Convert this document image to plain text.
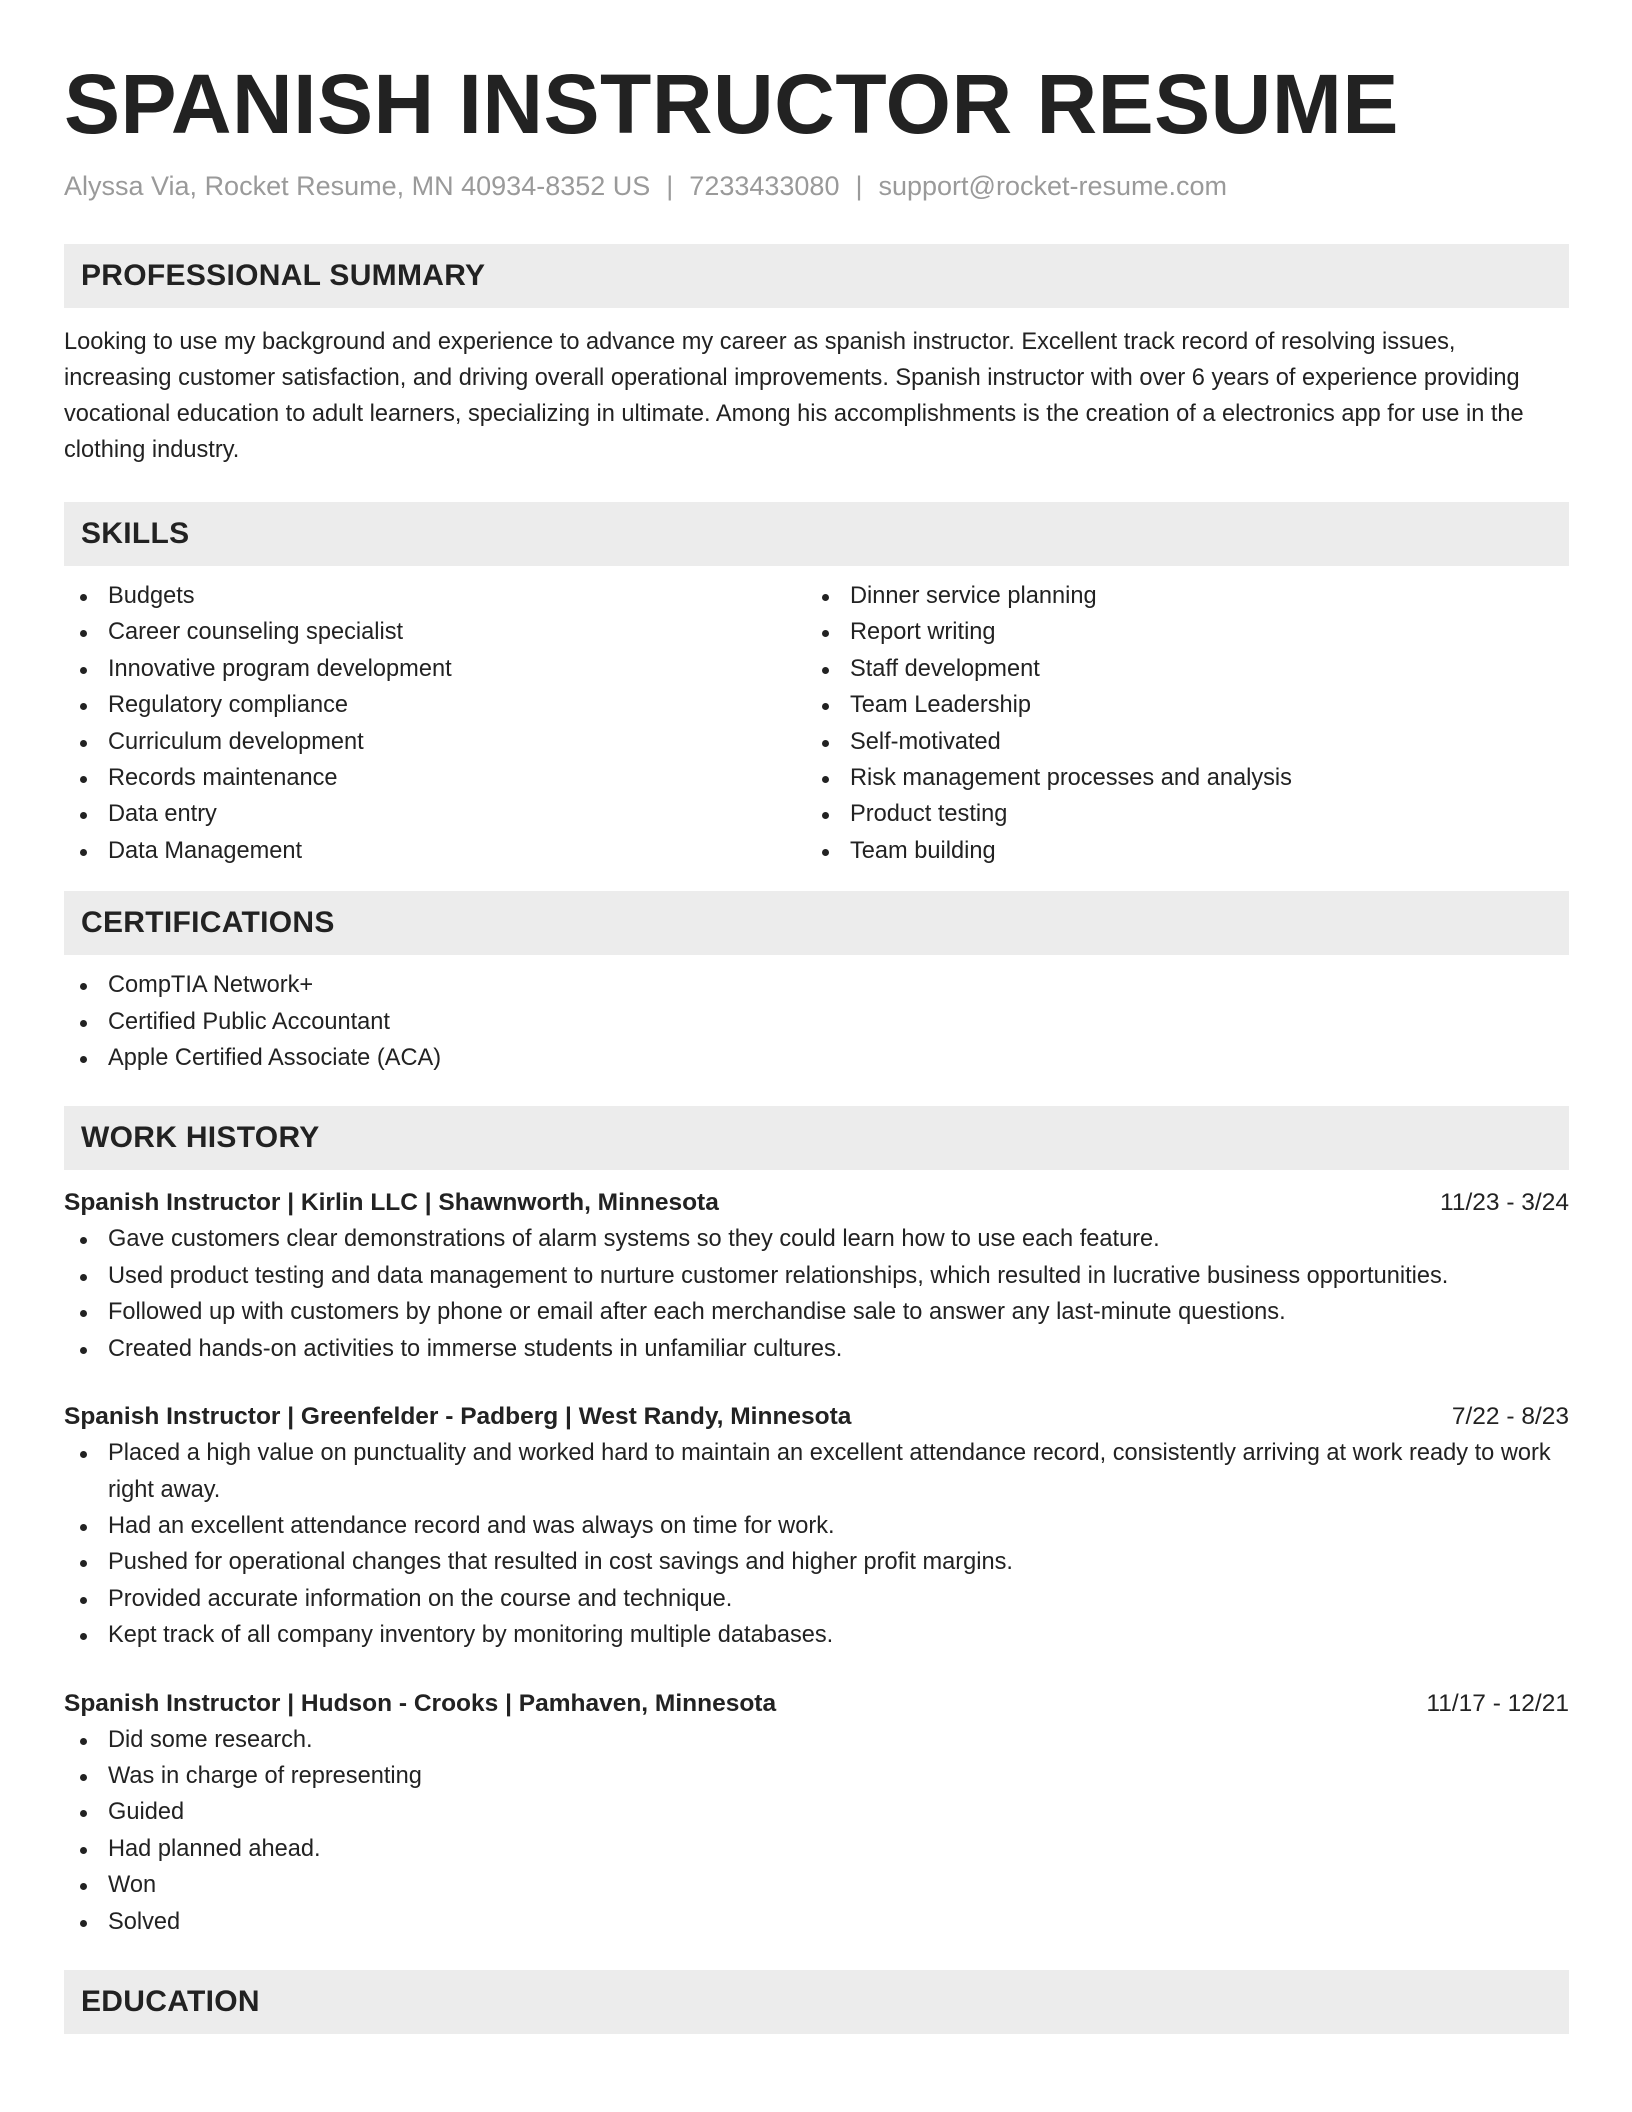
SPANISH INSTRUCTOR RESUME
Alyssa Via, Rocket Resume, MN 40934-8352 US | 7233433080 | support@rocket-resume.com
PROFESSIONAL SUMMARY

Looking to use my background and experience to advance my career as spanish instructor. Excellent track record of resolving issues, increasing customer satisfaction, and driving overall operational improvements. Spanish instructor with over 6 years of experience providing vocational education to adult learners, specializing in ultimate. Among his accomplishments is the creation of a electronics app for use in the clothing industry.

SKILLS
Budgets
Career counseling specialist
Innovative program development
Regulatory compliance
Curriculum development
Records maintenance
Data entry
Data Management
Dinner service planning
Report writing
Staff development
Team Leadership
Self-motivated
Risk management processes and analysis
Product testing
Team building
CERTIFICATIONS
CompTIA Network+
Certified Public Accountant
Apple Certified Associate (ACA)
WORK HISTORY
Spanish Instructor | Kirlin LLC | Shawnworth, Minnesota	11/23 - 3/24
Gave customers clear demonstrations of alarm systems so they could learn how to use each feature.
Used product testing and data management to nurture customer relationships, which resulted in lucrative business opportunities.
Followed up with customers by phone or email after each merchandise sale to answer any last-minute questions.
Created hands-on activities to immerse students in unfamiliar cultures.
Spanish Instructor | Greenfelder - Padberg | West Randy, Minnesota	7/22 - 8/23
Placed a high value on punctuality and worked hard to maintain an excellent attendance record, consistently arriving at work ready to work right away.
Had an excellent attendance record and was always on time for work.
Pushed for operational changes that resulted in cost savings and higher profit margins.
Provided accurate information on the course and technique.
Kept track of all company inventory by monitoring multiple databases.
Spanish Instructor | Hudson - Crooks | Pamhaven, Minnesota	11/17 - 12/21
Did some research.
Was in charge of representing
Guided
Had planned ahead.
Won
Solved
EDUCATION
